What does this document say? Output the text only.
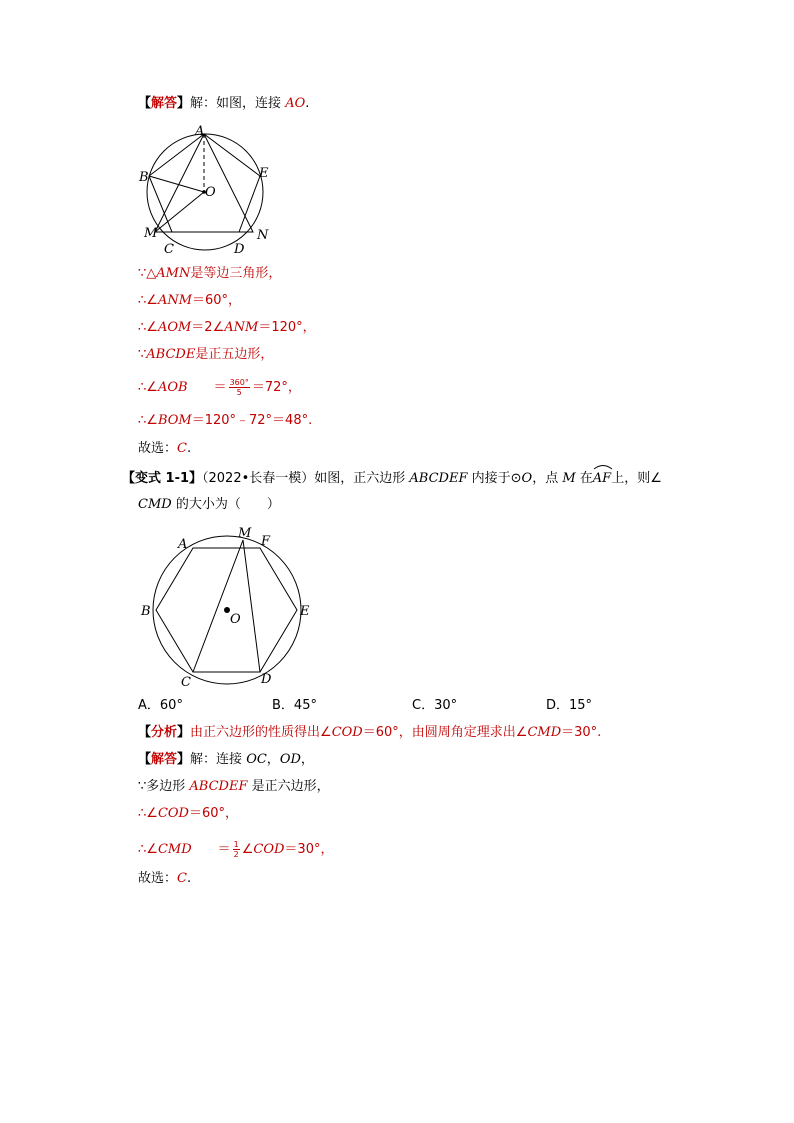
【解答】解：如图，连接 AO.
A
B	E
O
M
C	D
N
∵△AMN是等边三角形，
∴∠ANM＝60°，
∴∠AOM＝2∠ANM＝120°，
∵ABCDE是正五边形，
∴∠AOB ＝ $\frac{360^\circ}{5} =72^\circ$，
∴∠BOM＝120°﹣72°＝48°.
故选：C.
【变式 1-1】（2022•长春一模）如图，正六边形 ABCDEF 内接于⊙O，点 M 在
AF上，则∠
CMD 的大小为（　　）
A
M
F
B
O
E
C	D
A．60°	B．45°	C．30°	D．15°
【分析】由正六边形的性质得出∠COD＝60°，由圆周角定理求出∠CMD＝30°.
【解答】解：连接 OC，OD，
∵多边形 ABCDEF 是正六边形，
∴∠COD＝60°，
∴∠CMD ＝ $\frac{1}{2}$ ∠COD＝30°，
故选：C.
